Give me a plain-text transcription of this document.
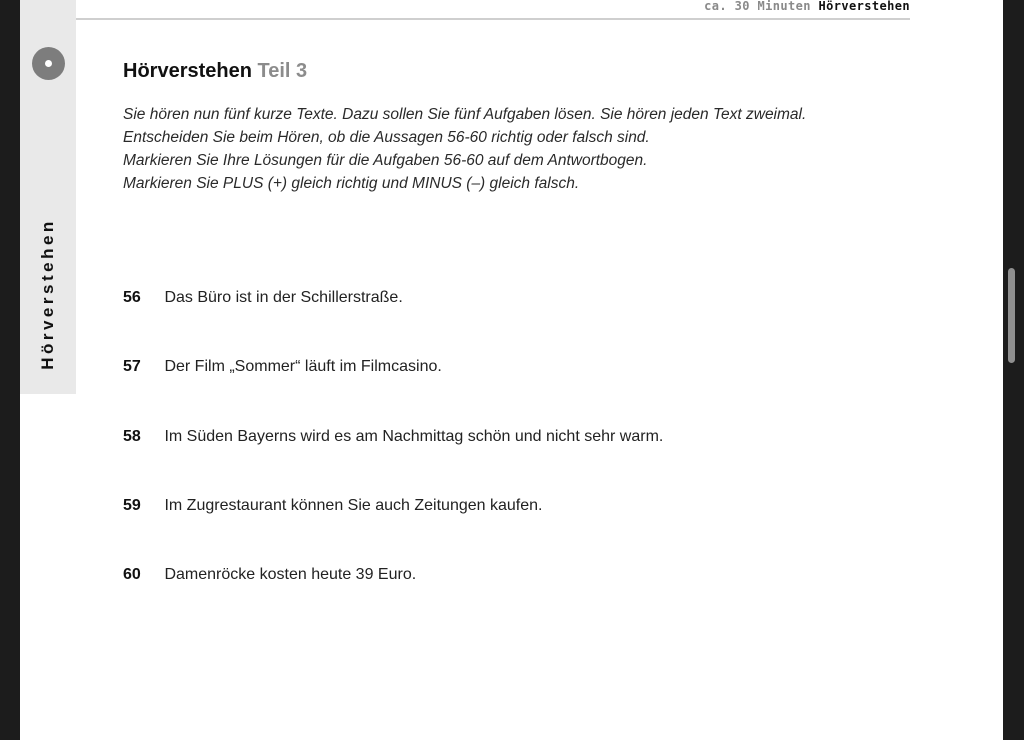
Hörverstehen
ca. 30 Minuten Hörverstehen
Hörverstehen Teil 3
Sie hören nun fünf kurze Texte. Dazu sollen Sie fünf Aufgaben lösen. Sie hören jeden Text zweimal.
Entscheiden Sie beim Hören, ob die Aussagen 56-60 richtig oder falsch sind.
Markieren Sie Ihre Lösungen für die Aufgaben 56-60 auf dem Antwortbogen.
Markieren Sie PLUS (+) gleich richtig und MINUS (–) gleich falsch.
56 Das Büro ist in der Schillerstraße.
57 Der Film „Sommer“ läuft im Filmcasino.
58 Im Süden Bayerns wird es am Nachmittag schön und nicht sehr warm.
59 Im Zugrestaurant können Sie auch Zeitungen kaufen.
60 Damenröcke kosten heute 39 Euro.
